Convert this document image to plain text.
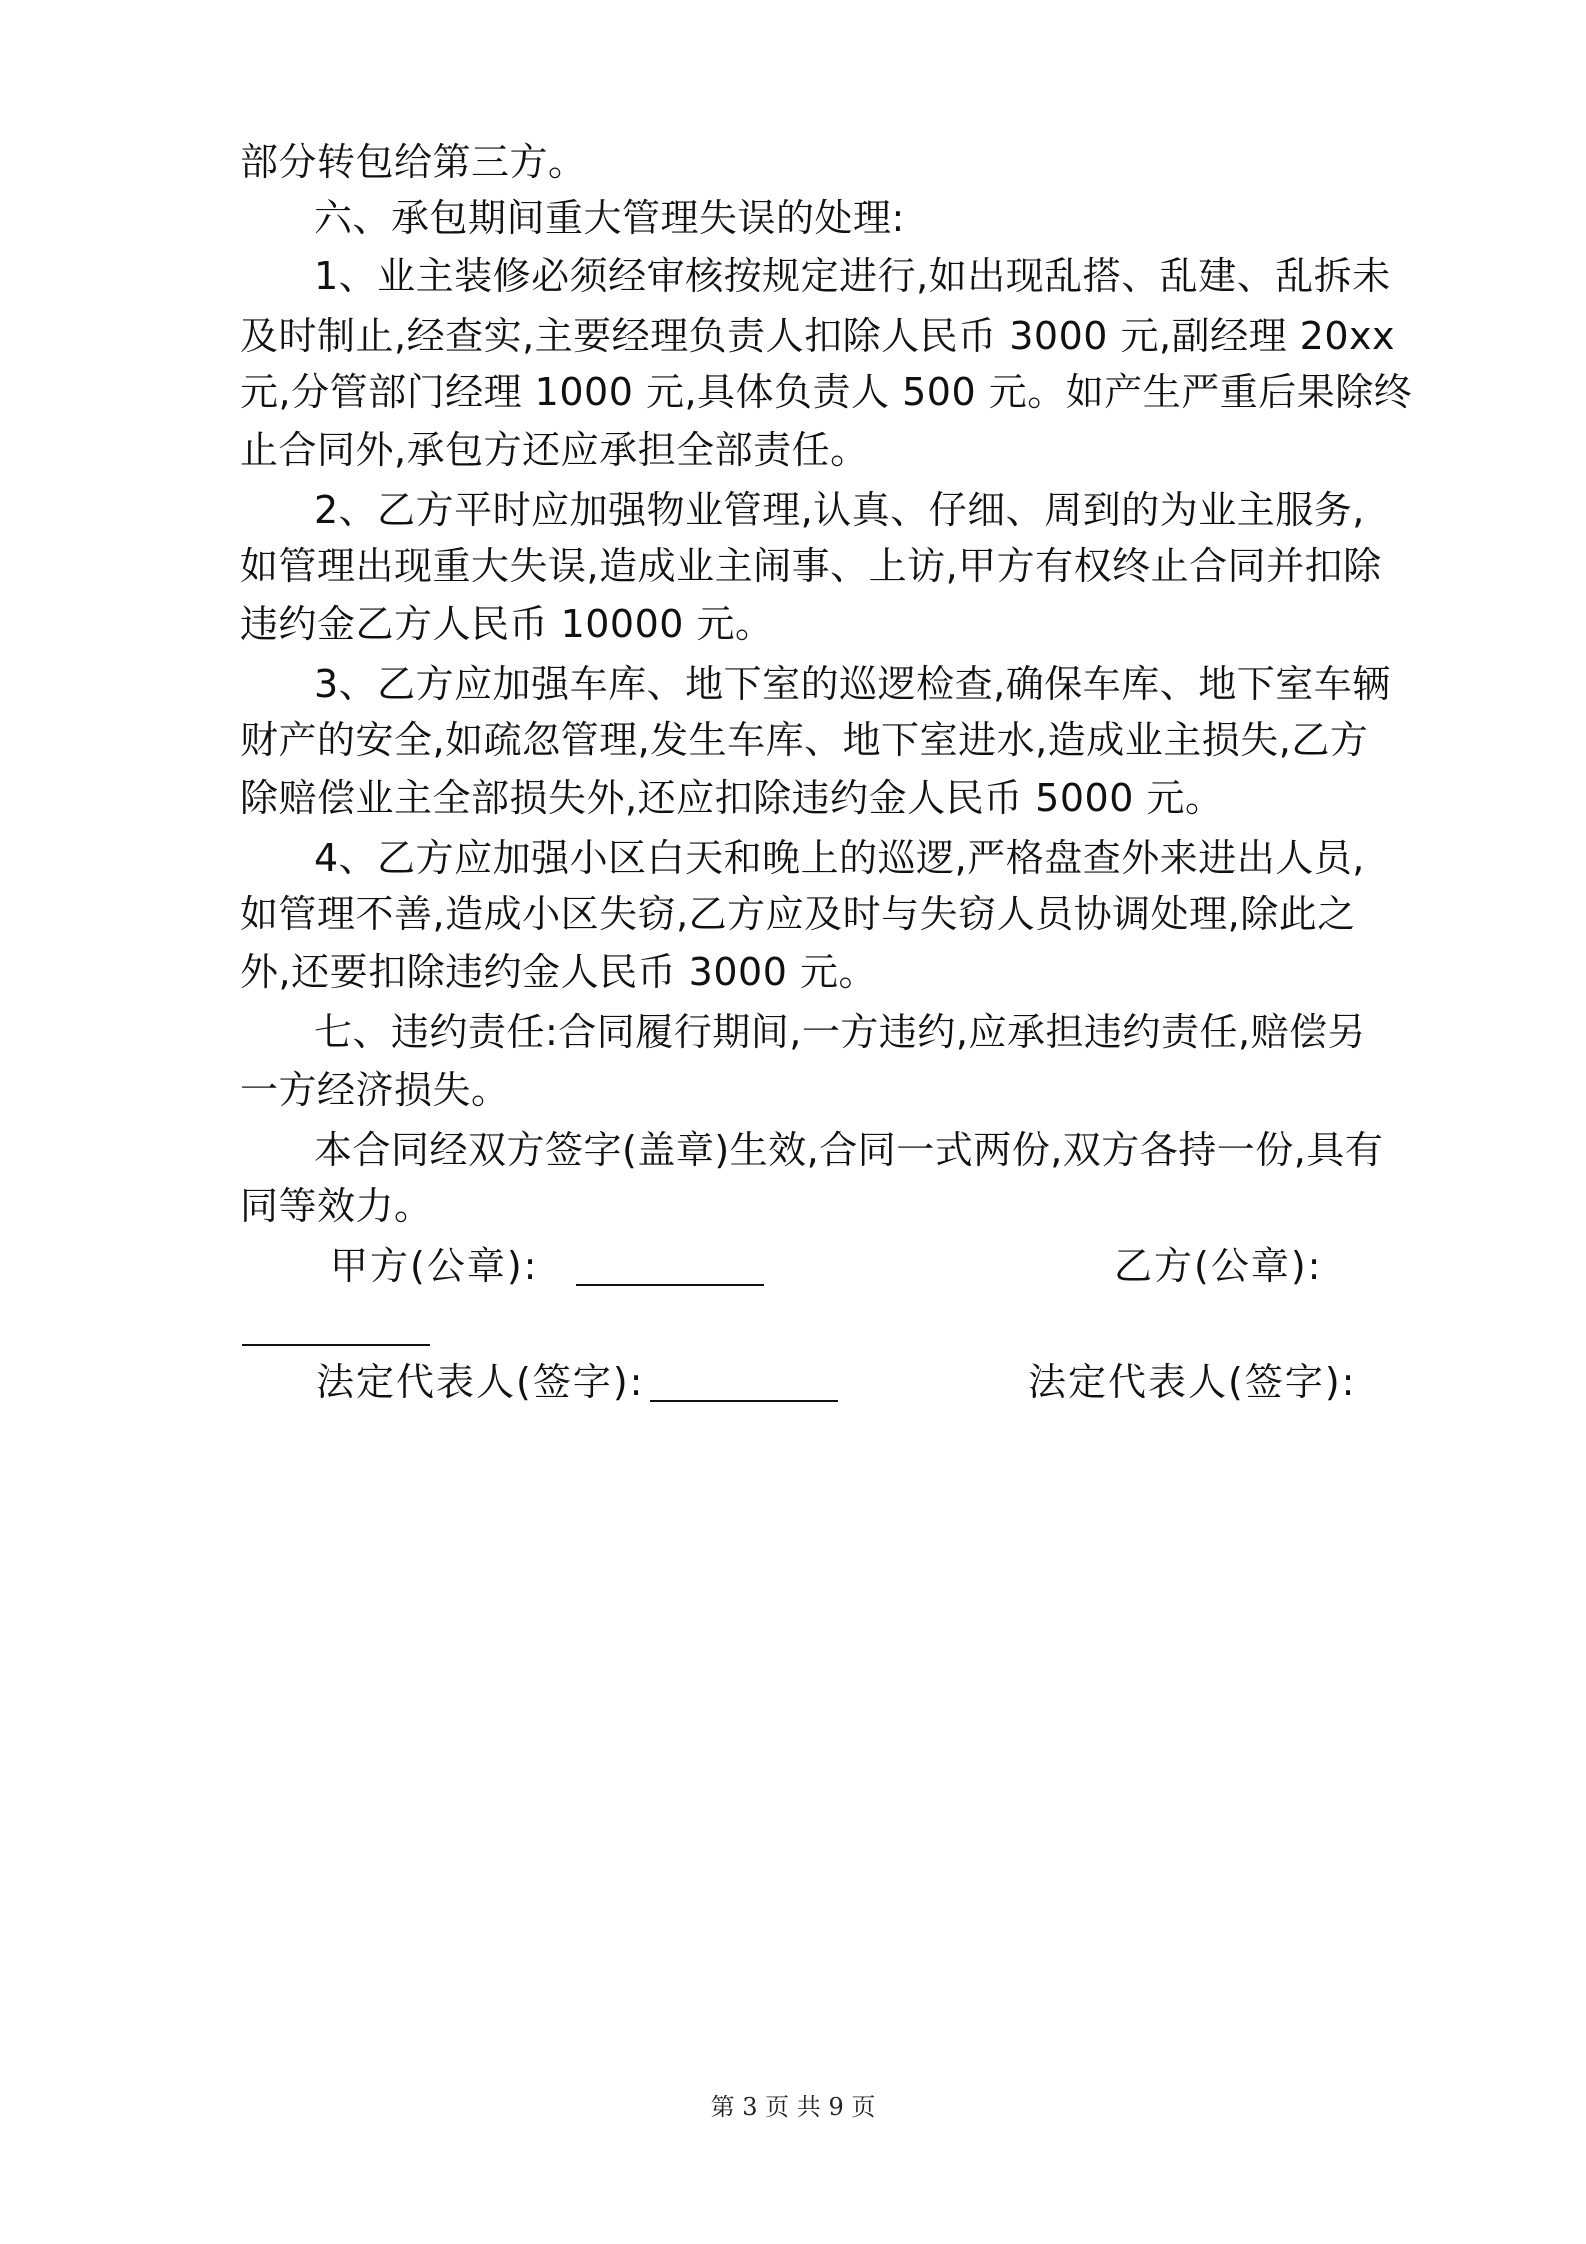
部分转包给第三方。
六、承包期间重大管理失误的处理:
1、业主装修必须经审核按规定进行,如出现乱搭、乱建、乱拆未
及时制止,经查实,主要经理负责人扣除人民币 3000 元,副经理 20xx
元,分管部门经理 1000 元,具体负责人 500 元。如产生严重后果除终
止合同外,承包方还应承担全部责任。
2、乙方平时应加强物业管理,认真、仔细、周到的为业主服务,
如管理出现重大失误,造成业主闹事、上访,甲方有权终止合同并扣除
违约金乙方人民币 10000 元。
3、乙方应加强车库、地下室的巡逻检查,确保车库、地下室车辆
财产的安全,如疏忽管理,发生车库、地下室进水,造成业主损失,乙方
除赔偿业主全部损失外,还应扣除违约金人民币 5000 元。
4、乙方应加强小区白天和晚上的巡逻,严格盘查外来进出人员,
如管理不善,造成小区失窃,乙方应及时与失窃人员协调处理,除此之
外,还要扣除违约金人民币 3000 元。
七、违约责任:合同履行期间,一方违约,应承担违约责任,赔偿另
一方经济损失。
本合同经双方签字(盖章)生效,合同一式两份,双方各持一份,具有
同等效力。
甲方(公章):	乙方(公章):
法定代表人(签字):	法定代表人(签字):
第 3 页 共 9 页
